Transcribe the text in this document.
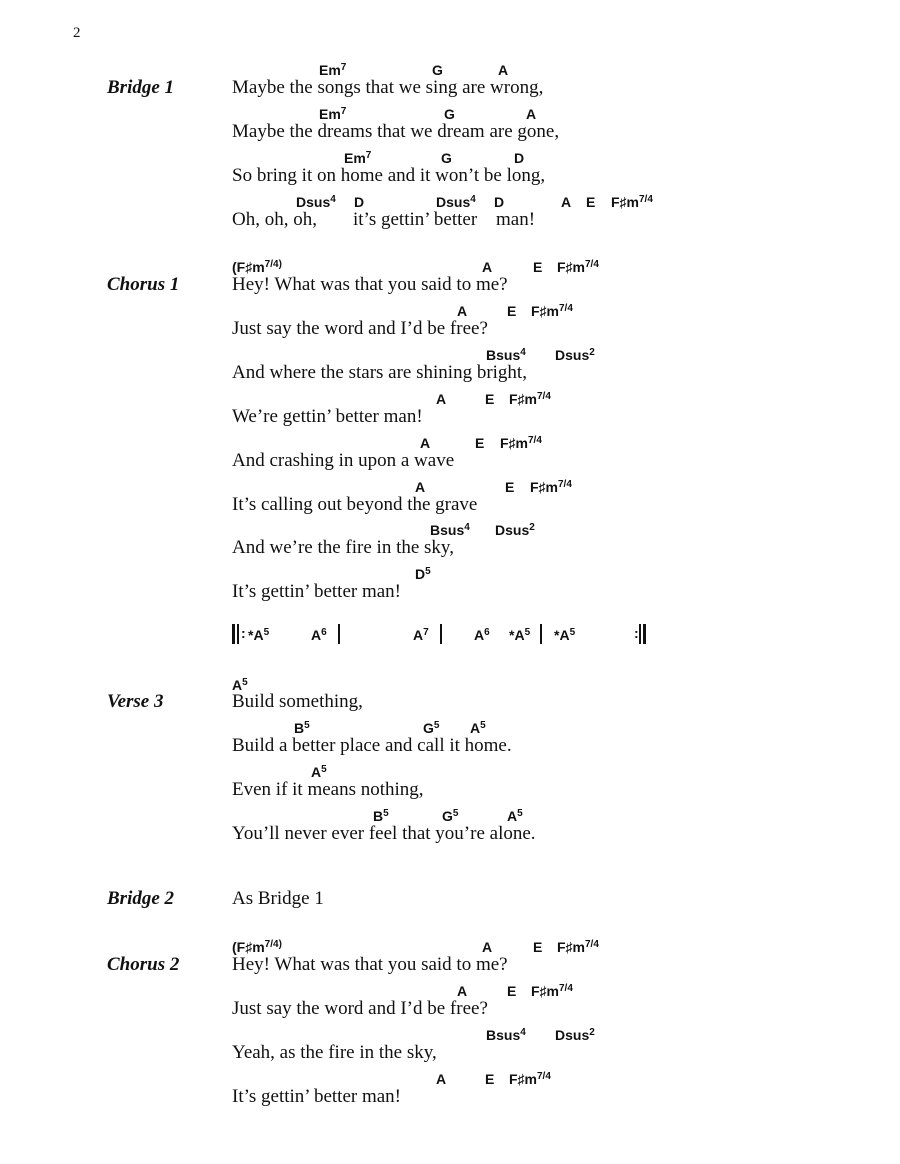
2
Bridge 1
Em$^7$	G	A
Maybe the songs that we sing are wrong,
Em$^7$	G	A
Maybe the dreams that we dream are gone,
Em$^7$	G	D
So bring it on home and it won’t be long,
Dsus$^4$ D	Dsus$^4$ D	A E $F♯m^{7/4}$
Oh, oh, oh, it’s gettin’ better man!
Chorus 1
($F♯m^{7/4)}$	A	E $F♯m^{7/4}$
Hey! What was that you said to me?
A	E $F♯m^{7/4}$
Just say the word and I’d be free?
Bsus$^4$ Dsus$^2$
And where the stars are shining bright,
A	E $F♯m^{7/4}$
We’re gettin’ better man!
A	E $F♯m^{7/4}$
And crashing in upon a wave
A	E $F♯m^{7/4}$
It’s calling out beyond the grave
Bsus$^4$ Dsus$^2$
And we’re the fire in the sky,
$D^5$
It’s gettin’ better man!
: $*A^5$	$A^6$	$A^7$	$A^6$ $*A^5$ $*A^5$	:
Verse 3
$A^5$
Build something,
$B^5$	$G^5$ $A^5$
Build a better place and call it home.
$A^5$
Even if it means nothing,
$B^5$	$G^5$	$A^5$
You’ll never ever feel that you’re alone.
Bridge 2	As Bridge 1
Chorus 2
($F♯m^{7/4)}$	A	E $F♯m^{7/4}$
Hey! What was that you said to me?
A	E $F♯m^{7/4}$
Just say the word and I’d be free?
Bsus$^4$ Dsus$^2$
Yeah, as the fire in the sky,
A	E $F♯m^{7/4}$
It’s gettin’ better man!
